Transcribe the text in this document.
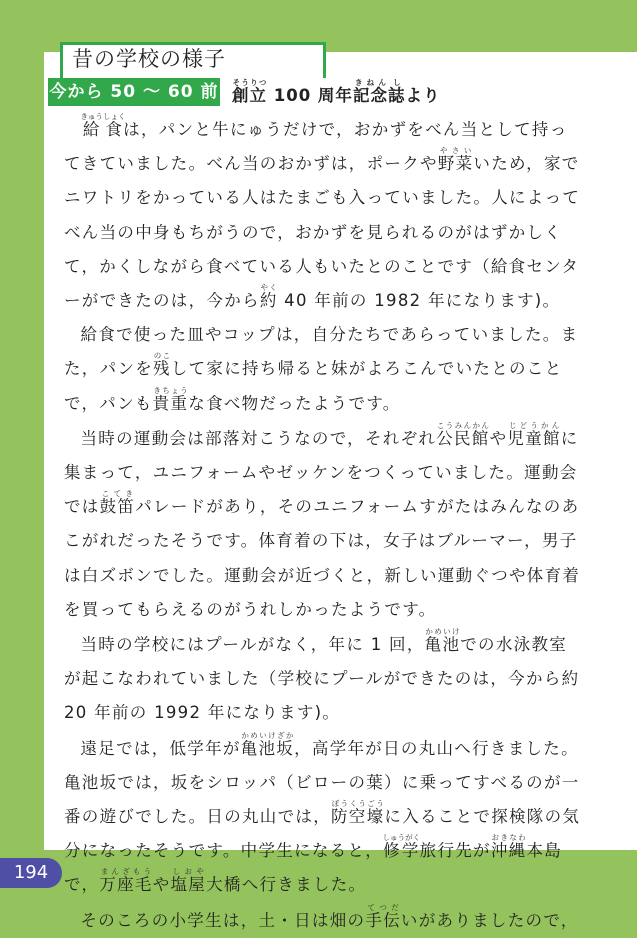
昔の学校の様子
今から 50 〜 60 前 創立そうりつ 100 周年記念きねん誌しより

給食きゅうしょくは，パンと牛にゅうだけで，おかずをべん当として持ってきていました。べん当のおかずは，ポークや野菜やさいいため，家でニワトリをかっている人はたまごも入っていました。人によってべん当の中身もちがうので，おかずを見られるのがはずかしくて，かくしながら食べている人もいたとのことです（給食センターができたのは，今から約やく 40 年前の 1982 年になります)。

給食で使った皿やコップは，自分たちであらっていました。また，パンを残のこして家に持ち帰ると妹がよろこんでいたとのことで，パンも貴重きちょうな食べ物だったようです。

当時の運動会は部落対こうなので，それぞれ公民館こうみんかんや児童館じどうかんに集まって，ユニフォームやゼッケンをつくっていました。運動会では鼓笛こてきパレードがあり，そのユニフォームすがたはみんなのあこがれだったそうです。体育着の下は，女子はブルーマー，男子は白ズボンでした。運動会が近づくと，新しい運動ぐつや体育着を買ってもらえるのがうれしかったようです。

当時の学校にはプールがなく，年に 1 回，亀池かめいけでの水泳教室が起こなわれていました（学校にプールができたのは，今から約 20 年前の 1992 年になります)。

遠足では，低学年が亀池坂かめいけざか，高学年が日の丸山へ行きました。亀池坂では，坂をシロッパ（ビローの葉）に乗ってすべるのが一番の遊びでした。日の丸山では，防空壕ぼうくうごうに入ることで探検隊の気分になったそうです。中学生になると，修学しゅうがく旅行先が沖縄おきなわ本島で，万座毛まんざもうや塩屋しおや大橋へ行きました。

そのころの小学生は，土・日は畑の手伝てつだいがありましたので，

194
